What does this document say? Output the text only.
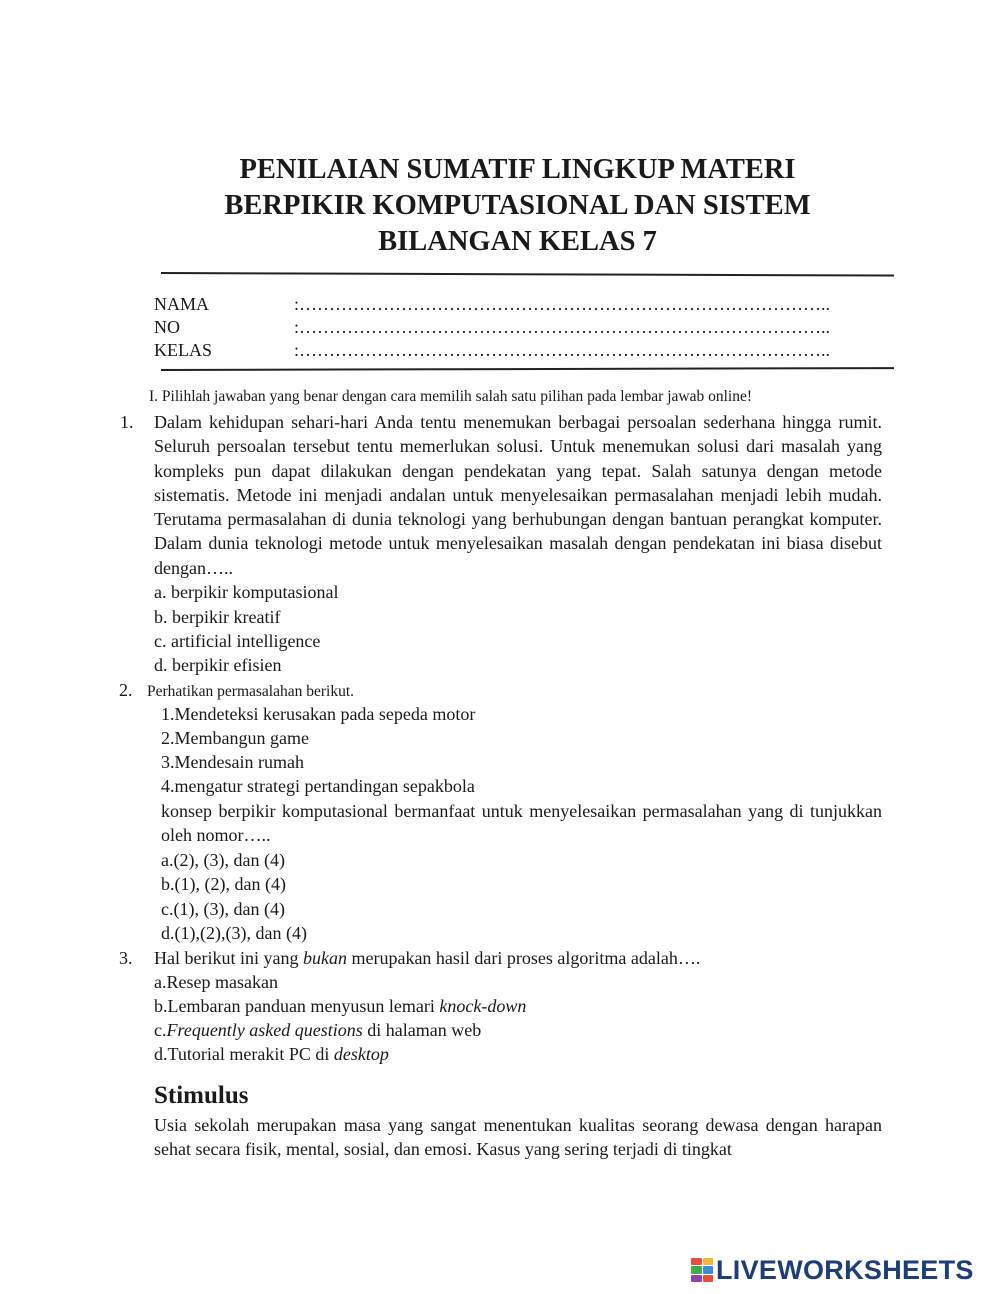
PENILAIAN SUMATIF LINGKUP MATERI
BERPIKIR KOMPUTASIONAL DAN SISTEM
BILANGAN KELAS 7
NAMA	:……………………………………………………………………………..
NO	:……………………………………………………………………………..
KELAS	:……………………………………………………………………………..
I. Pilihlah jawaban yang benar dengan cara memilih salah satu pilihan pada lembar jawab online!
1. Dalam kehidupan sehari-hari Anda tentu menemukan berbagai persoalan sederhana hingga rumit. Seluruh persoalan tersebut tentu memerlukan solusi. Untuk menemukan solusi dari masalah yang kompleks pun dapat dilakukan dengan pendekatan yang tepat. Salah satunya dengan metode sistematis. Metode ini menjadi andalan untuk menyelesaikan permasalahan menjadi lebih mudah. Terutama permasalahan di dunia teknologi yang berhubungan dengan bantuan perangkat komputer. Dalam dunia teknologi metode untuk menyelesaikan masalah dengan pendekatan ini biasa disebut dengan…..
a. berpikir komputasional
b. berpikir kreatif
c. artificial intelligence
d. berpikir efisien
2. Perhatikan permasalahan berikut.
1.Mendeteksi kerusakan pada sepeda motor
2.Membangun game
3.Mendesain rumah
4.mengatur strategi pertandingan sepakbola
konsep berpikir komputasional bermanfaat untuk menyelesaikan permasalahan yang di tunjukkan oleh nomor…..
a.(2), (3), dan (4)
b.(1), (2), dan (4)
c.(1), (3), dan (4)
d.(1),(2),(3), dan (4)
3. Hal berikut ini yang bukan merupakan hasil dari proses algoritma adalah….
a.Resep masakan
b.Lembaran panduan menyusun lemari knock-down
c.Frequently asked questions di halaman web
d.Tutorial merakit PC di desktop
Stimulus
Usia sekolah merupakan masa yang sangat menentukan kualitas seorang dewasa dengan harapan sehat secara fisik, mental, sosial, dan emosi. Kasus yang sering terjadi di tingkat
LIVEWORKSHEETS
